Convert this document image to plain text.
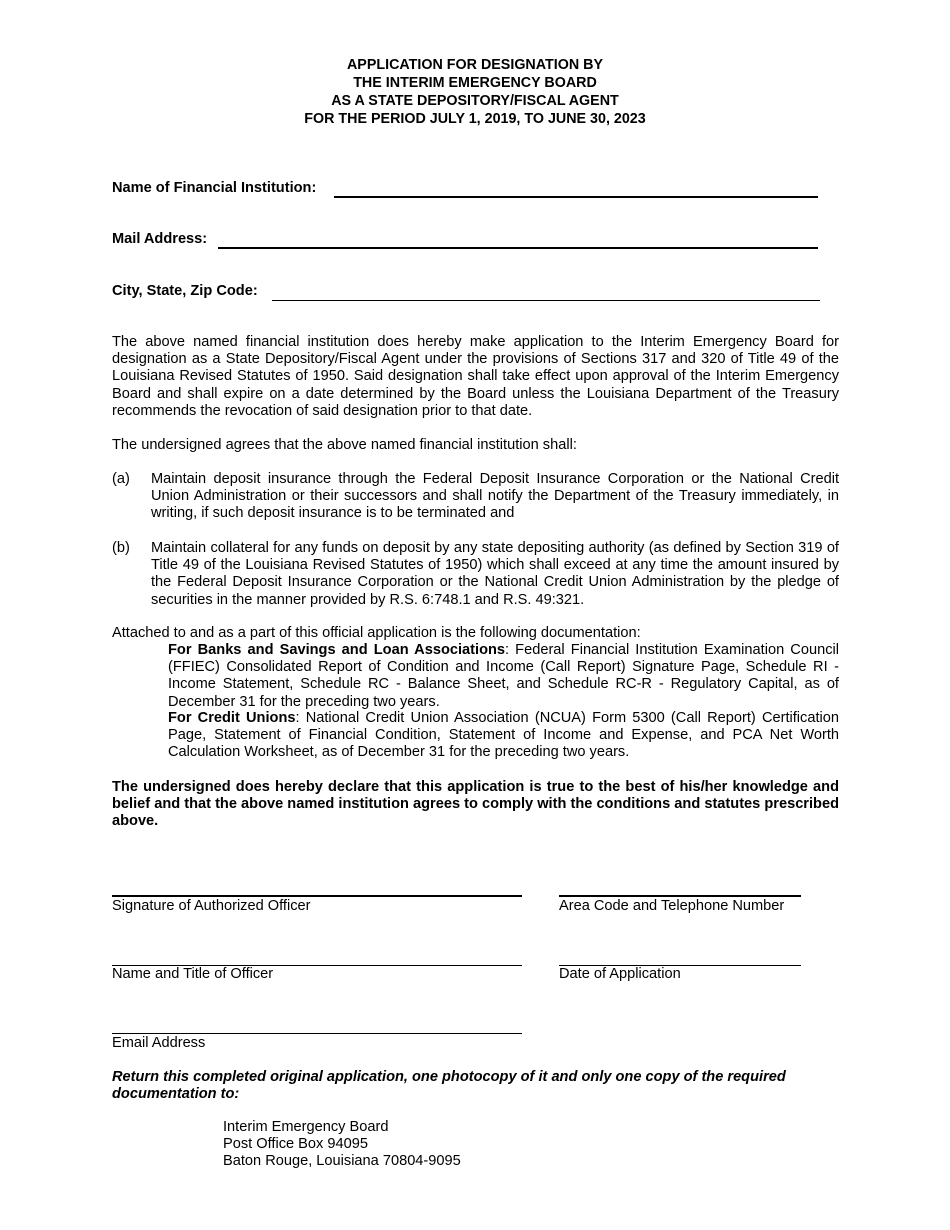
APPLICATION FOR DESIGNATION BY
THE INTERIM EMERGENCY BOARD
AS A STATE DEPOSITORY/FISCAL AGENT
FOR THE PERIOD JULY 1, 2019, TO JUNE 30, 2023
Name of Financial Institution:
Mail Address:
City, State, Zip Code:
The above named financial institution does hereby make application to the Interim Emergency Board for designation as a State Depository/Fiscal Agent under the provisions of Sections 317 and 320 of Title 49 of the Louisiana Revised Statutes of 1950. Said designation shall take effect upon approval of the Interim Emergency Board and shall expire on a date determined by the Board unless the Louisiana Department of the Treasury recommends the revocation of said designation prior to that date.
The undersigned agrees that the above named financial institution shall:
(a) Maintain deposit insurance through the Federal Deposit Insurance Corporation or the National Credit Union Administration or their successors and shall notify the Department of the Treasury immediately, in writing, if such deposit insurance is to be terminated and
(b) Maintain collateral for any funds on deposit by any state depositing authority (as defined by Section 319 of Title 49 of the Louisiana Revised Statutes of 1950) which shall exceed at any time the amount insured by the Federal Deposit Insurance Corporation or the National Credit Union Administration by the pledge of securities in the manner provided by R.S. 6:748.1 and R.S. 49:321.
Attached to and as a part of this official application is the following documentation:
For Banks and Savings and Loan Associations: Federal Financial Institution Examination Council (FFIEC) Consolidated Report of Condition and Income (Call Report) Signature Page, Schedule RI - Income Statement, Schedule RC - Balance Sheet, and Schedule RC-R - Regulatory Capital, as of December 31 for the preceding two years.
For Credit Unions: National Credit Union Association (NCUA) Form 5300 (Call Report) Certification Page, Statement of Financial Condition, Statement of Income and Expense, and PCA Net Worth Calculation Worksheet, as of December 31 for the preceding two years.
The undersigned does hereby declare that this application is true to the best of his/her knowledge and belief and that the above named institution agrees to comply with the conditions and statutes prescribed above.
Signature of Authorized Officer	Area Code and Telephone Number
Name and Title of Officer	Date of Application
Email Address
Return this completed original application, one photocopy of it and only one copy of the required documentation to:
Interim Emergency Board
Post Office Box 94095
Baton Rouge, Louisiana 70804-9095
